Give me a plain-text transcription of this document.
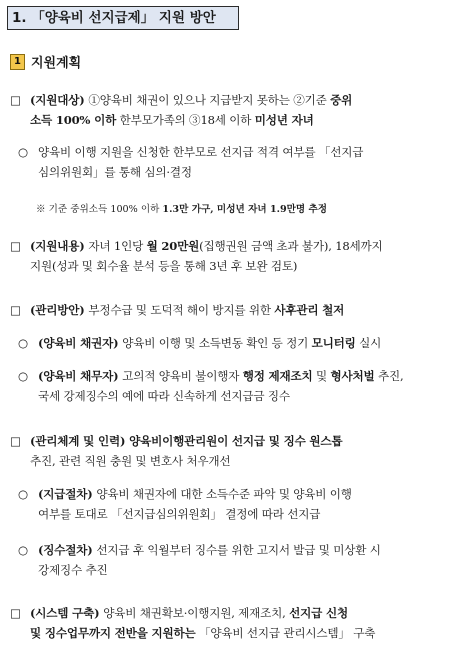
1. 「양육비 선지급제」 지원 방안
1 지원계획
□ (지원대상) ①양육비 채권이 있으나 지급받지 못하는 ②기준 중위
소득 100% 이하 한부모가족의 ③18세 이하 미성년 자녀
○ 양육비 이행 지원을 신청한 한부모로 선지급 적격 여부를 「선지급
심의위원회」를 통해 심의·결정
※ 기준 중위소득 100% 이하 1.3만 가구, 미성년 자녀 1.9만명 추정
□ (지원내용) 자녀 1인당 월 20만원(집행권원 금액 초과 불가), 18세까지
지원(성과 및 회수율 분석 등을 통해 3년 후 보완 검토)
□ (관리방안) 부정수급 및 도덕적 해이 방지를 위한 사후관리 철저
○ (양육비 채권자) 양육비 이행 및 소득변동 확인 등 정기 모니터링 실시
○ (양육비 채무자) 고의적 양육비 불이행자 행정 제재조치 및 형사처벌 추진,
국세 강제징수의 예에 따라 신속하게 선지급금 징수
□ (관리체계 및 인력) 양육비이행관리원이 선지급 및 징수 원스톱
추진, 관련 직원 충원 및 변호사 처우개선
○ (지급절차) 양육비 채권자에 대한 소득수준 파악 및 양육비 이행
여부를 토대로 「선지급심의위원회」 결정에 따라 선지급
○ (징수절차) 선지급 후 익월부터 징수를 위한 고지서 발급 및 미상환 시
강제징수 추진
□ (시스템 구축) 양육비 채권확보·이행지원, 제재조치, 선지급 신청
및 징수업무까지 전반을 지원하는 「양육비 선지급 관리시스템」 구축
